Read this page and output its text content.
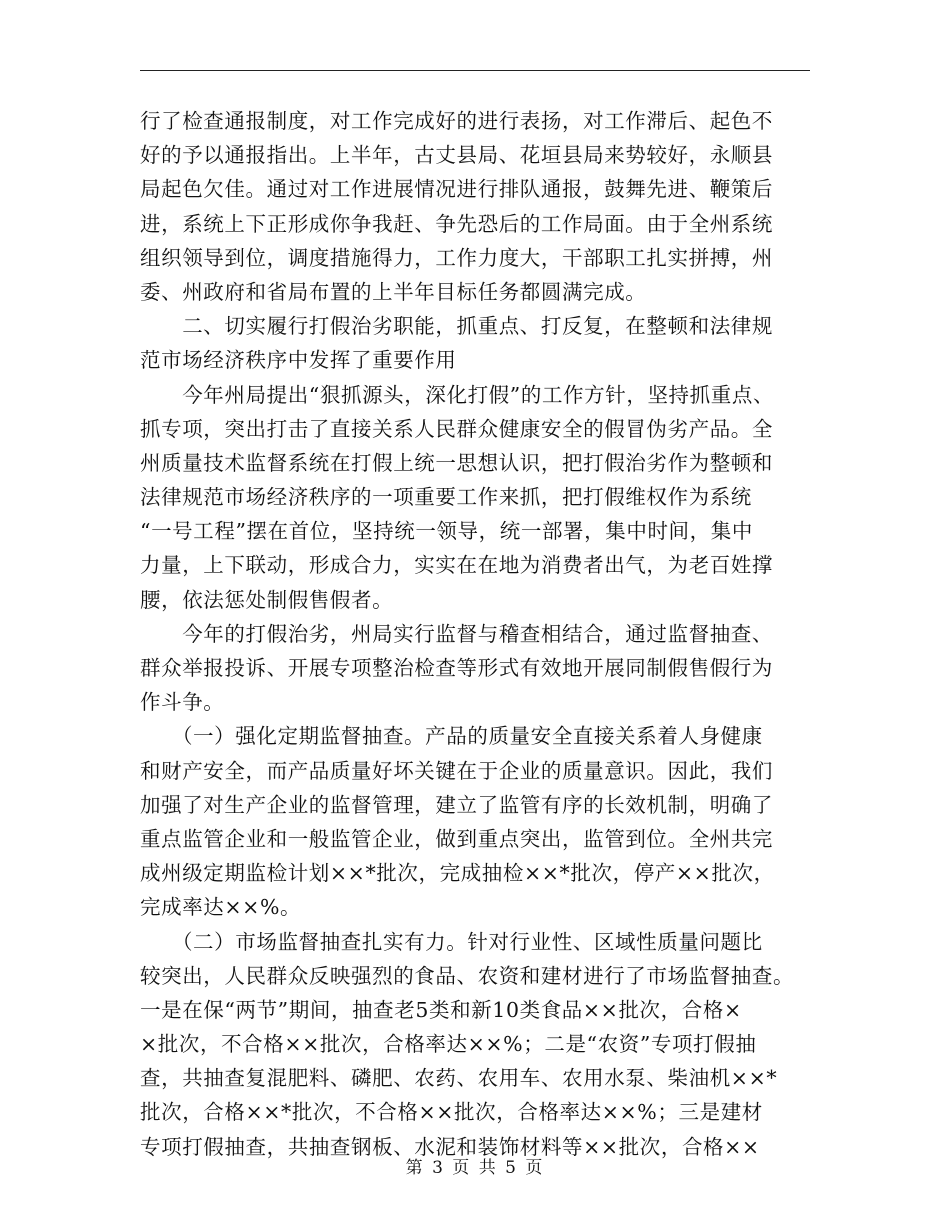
行了检查通报制度，对工作完成好的进行表扬，对工作滞后、起色不
好的予以通报指出。上半年，古丈县局、花垣县局来势较好，永顺县
局起色欠佳。通过对工作进展情况进行排队通报，鼓舞先进、鞭策后
进，系统上下正形成你争我赶、争先恐后的工作局面。由于全州系统
组织领导到位，调度措施得力，工作力度大，干部职工扎实拼搏，州
委、州政府和省局布置的上半年目标任务都圆满完成。
　　二、切实履行打假治劣职能，抓重点、打反复，在整顿和法律规
范市场经济秩序中发挥了重要作用
　　今年州局提出“狠抓源头，深化打假”的工作方针，坚持抓重点、
抓专项，突出打击了直接关系人民群众健康安全的假冒伪劣产品。全
州质量技术监督系统在打假上统一思想认识，把打假治劣作为整顿和
法律规范市场经济秩序的一项重要工作来抓，把打假维权作为系统
“一号工程”摆在首位，坚持统一领导，统一部署，集中时间，集中
力量，上下联动，形成合力，实实在在地为消费者出气，为老百姓撑
腰，依法惩处制假售假者。
　　今年的打假治劣，州局实行监督与稽查相结合，通过监督抽查、
群众举报投诉、开展专项整治检查等形式有效地开展同制假售假行为
作斗争。
　　（一）强化定期监督抽查。产品的质量安全直接关系着人身健康
和财产安全，而产品质量好坏关键在于企业的质量意识。因此，我们
加强了对生产企业的监督管理，建立了监管有序的长效机制，明确了
重点监管企业和一般监管企业，做到重点突出，监管到位。全州共完
成州级定期监检计划××*批次，完成抽检××*批次，停产××批次，
完成率达××%。
　　（二）市场监督抽查扎实有力。针对行业性、区域性质量问题比
较突出，人民群众反映强烈的食品、农资和建材进行了市场监督抽查。
一是在保“两节”期间，抽查老5类和新10类食品××批次，合格×
×批次，不合格××批次，合格率达××%；二是“农资”专项打假抽
查，共抽查复混肥料、磷肥、农药、农用车、农用水泵、柴油机××*
批次，合格××*批次，不合格××批次，合格率达××%；三是建材
专项打假抽查，共抽查钢板、水泥和装饰材料等××批次，合格××
第 3 页 共 5 页
